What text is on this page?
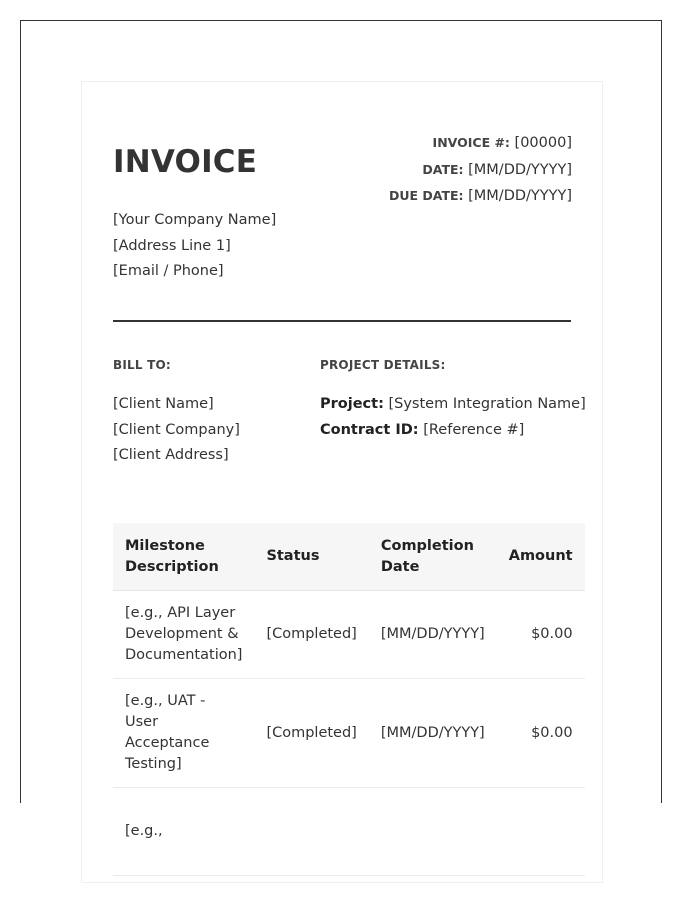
INVOICE
INVOICE #: [00000]
DATE: [MM/DD/YYYY]
DUE DATE: [MM/DD/YYYY]
[Your Company Name]
[Address Line 1]
[Email / Phone]
BILL TO:	PROJECT DETAILS:
[Client Name]
[Client Company]
[Client Address]
Project: [System Integration Name]
Contract ID: [Reference #]
Milestone Description	Status	Completion Date	Amount
[e.g., API Layer Development & Documentation]	[Completed]	[MM/DD/YYYY]	$0.00
[e.g., UAT - User Acceptance Testing]	[Completed]	[MM/DD/YYYY]	$0.00
[e.g.,			
